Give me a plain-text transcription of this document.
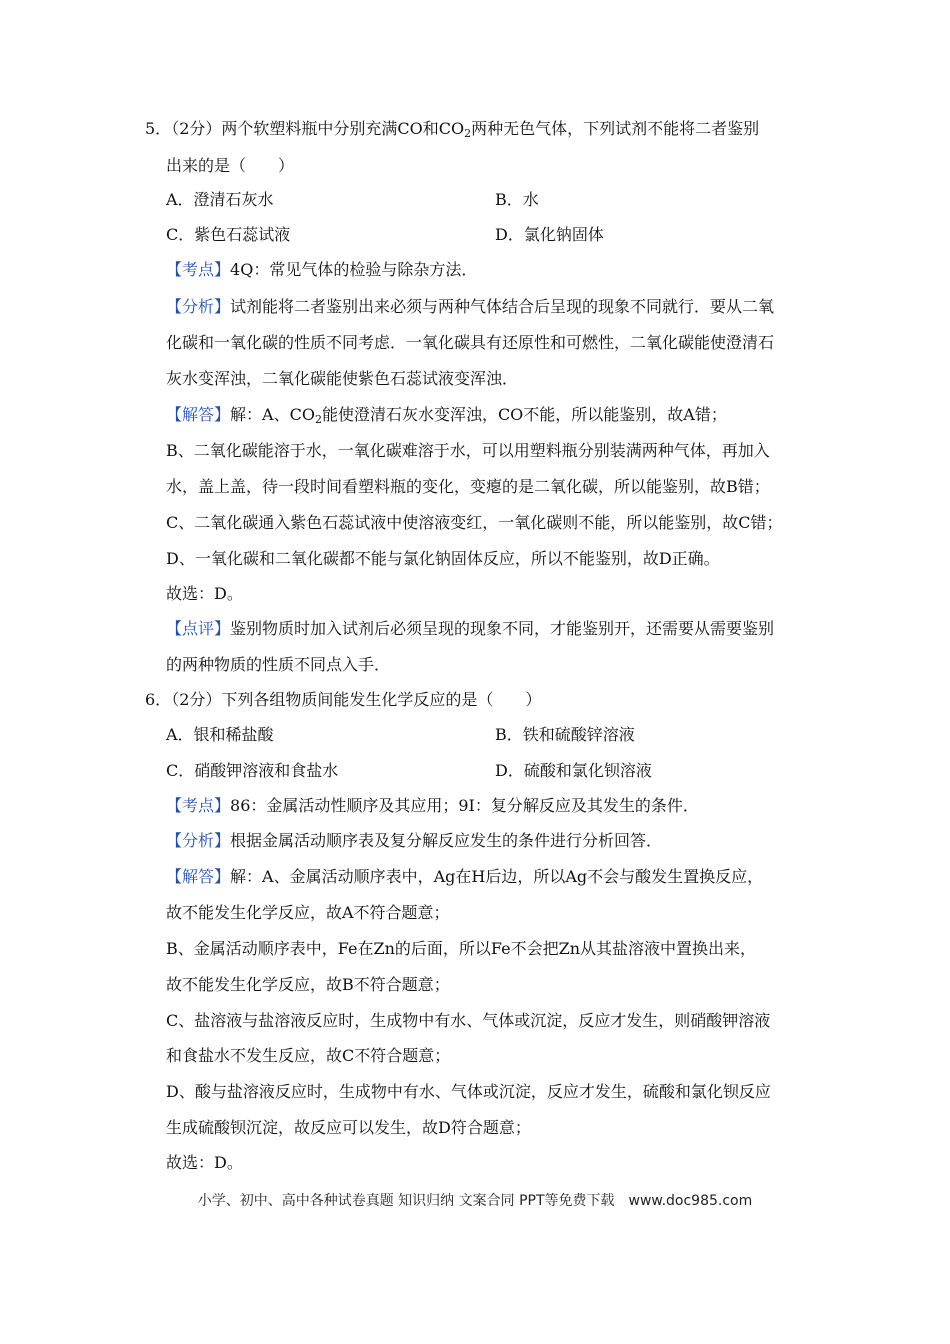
5．（2分）两个软塑料瓶中分别充满CO和$CO_2$两种无色气体，下列试剂不能将二者鉴别
出来的是（　　）
A．澄清石灰水	B．水
C．紫色石蕊试液	D．氯化钠固体
【考点】4Q：常见气体的检验与除杂方法．
【分析】试剂能将二者鉴别出来必须与两种气体结合后呈现的现象不同就行．要从二氧
化碳和一氧化碳的性质不同考虑．一氧化碳具有还原性和可燃性，二氧化碳能使澄清石
灰水变浑浊，二氧化碳能使紫色石蕊试液变浑浊．
【解答】解：A、$CO_2$能使澄清石灰水变浑浊，CO不能，所以能鉴别，故A错；
B、二氧化碳能溶于水，一氧化碳难溶于水，可以用塑料瓶分别装满两种气体，再加入
水，盖上盖，待一段时间看塑料瓶的变化，变瘪的是二氧化碳，所以能鉴别，故B错；
C、二氧化碳通入紫色石蕊试液中使溶液变红，一氧化碳则不能，所以能鉴别，故C错；
D、一氧化碳和二氧化碳都不能与氯化钠固体反应，所以不能鉴别，故D正确。
故选：D。
【点评】鉴别物质时加入试剂后必须呈现的现象不同，才能鉴别开，还需要从需要鉴别
的两种物质的性质不同点入手．
6．（2分）下列各组物质间能发生化学反应的是（　　）
A．银和稀盐酸	B．铁和硫酸锌溶液
C．硝酸钾溶液和食盐水	D．硫酸和氯化钡溶液
【考点】86：金属活动性顺序及其应用；9I：复分解反应及其发生的条件．
【分析】根据金属活动顺序表及复分解反应发生的条件进行分析回答．
【解答】解：A、金属活动顺序表中，Ag在H后边，所以Ag不会与酸发生置换反应，
故不能发生化学反应，故A不符合题意；
B、金属活动顺序表中，Fe在Zn的后面，所以Fe不会把Zn从其盐溶液中置换出来，
故不能发生化学反应，故B不符合题意；
C、盐溶液与盐溶液反应时，生成物中有水、气体或沉淀，反应才发生，则硝酸钾溶液
和食盐水不发生反应，故C不符合题意；
D、酸与盐溶液反应时，生成物中有水、气体或沉淀，反应才发生，硫酸和氯化钡反应
生成硫酸钡沉淀，故反应可以发生，故D符合题意；
故选：D。
小学、初中、高中各种试卷真题 知识归纳 文案合同 PPT等免费下载　www.doc985.com
